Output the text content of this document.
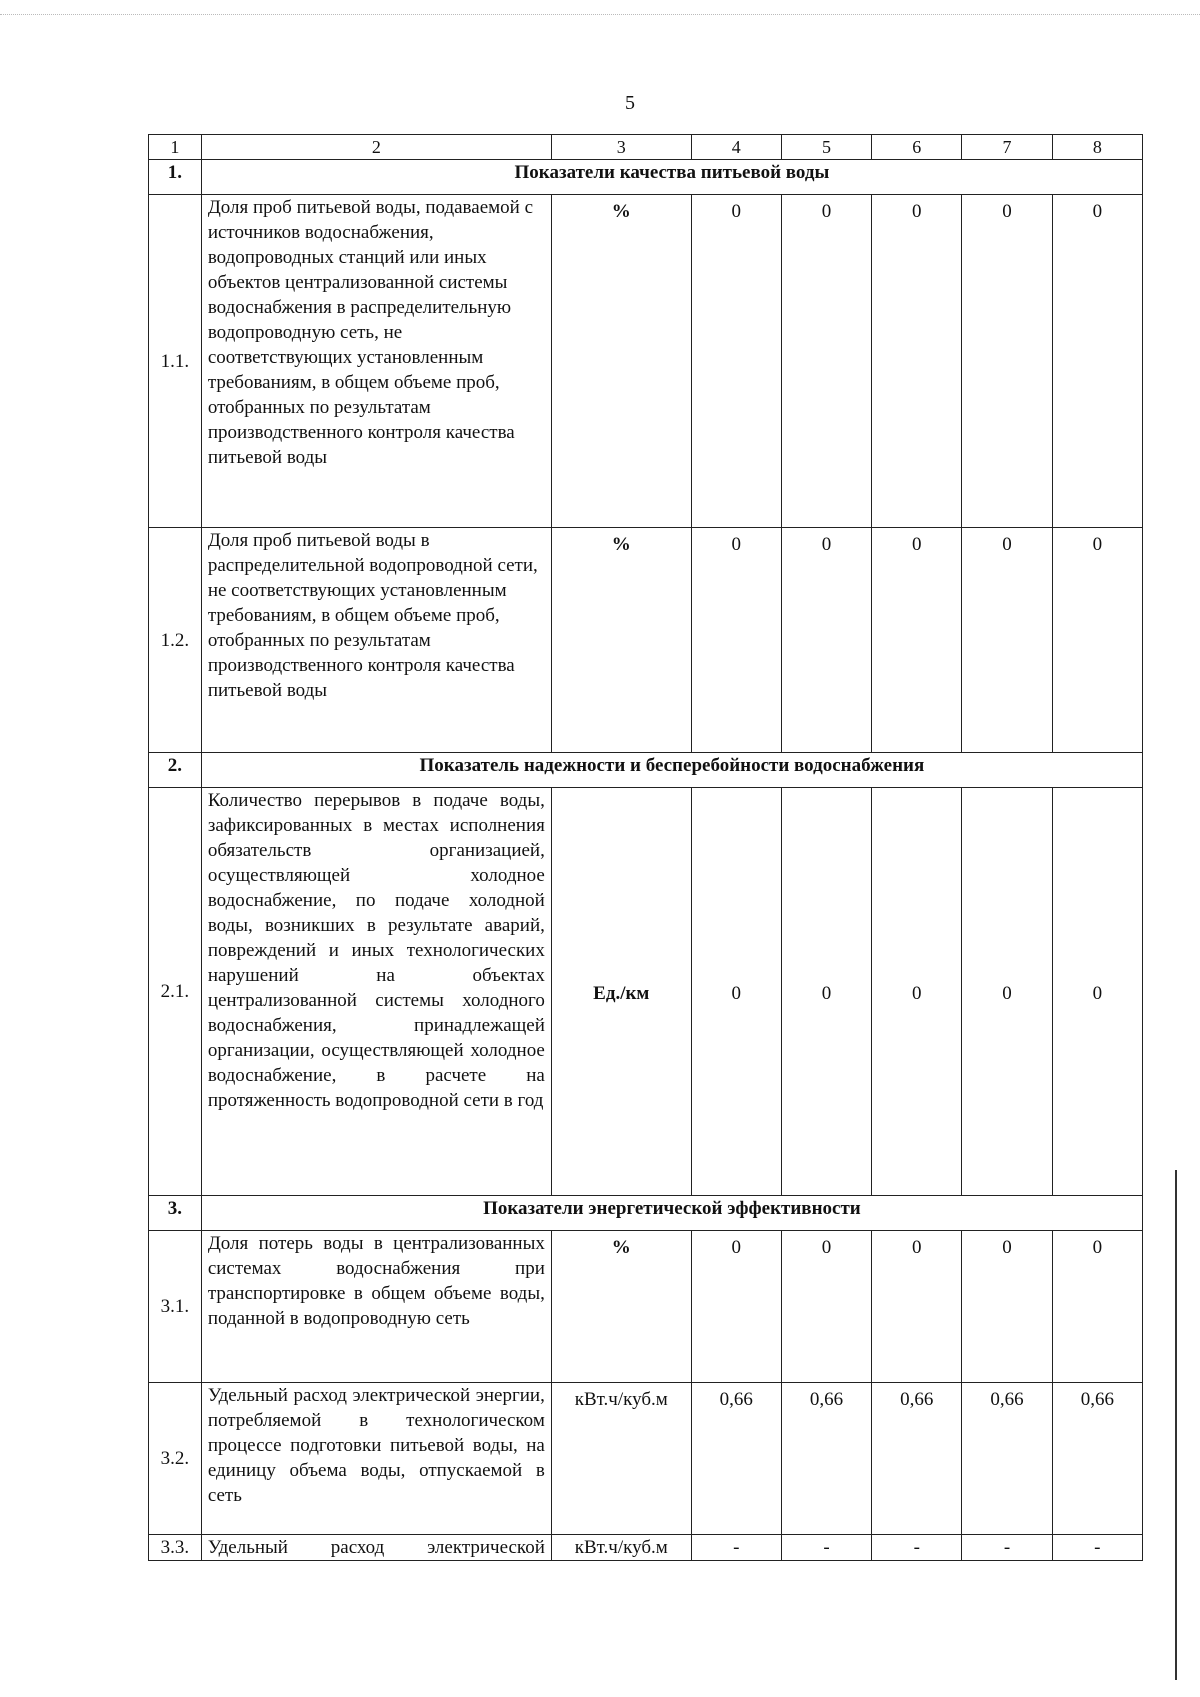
5
1	2	3	4	5	6	7	8
1.	Показатели качества питьевой воды						
1.1.	Доля проб питьевой воды, подаваемой с источников водоснабжения, водопроводных станций или иных объектов централизованной системы водоснабжения в распределительную водопроводную сеть, не соответствующих установленным требованиям, в общем объеме проб, отобранных по результатам производственного контроля качества питьевой воды	%	0	0	0	0	0
1.2.	Доля проб питьевой воды в распределительной водопроводной сети, не соответствующих установленным требованиям, в общем объеме проб, отобранных по результатам производственного контроля качества питьевой воды	%	0	0	0	0	0
2.	Показатель надежности и бесперебойности водоснабжения						
2.1.	Количество перерывов в подаче воды, зафиксированных в местах исполнения обязательств организацией, осуществляющей холодное водоснабжение, по подаче холодной воды, возникших в результате аварий, повреждений и иных технологических нарушений на объектах централизованной системы холодного водоснабжения, принадлежащей организации, осуществляющей холодное водоснабжение, в расчете на протяженность водопроводной сети в год	Ед./км	0	0	0	0	0
3.	Показатели энергетической эффективности						
3.1.	Доля потерь воды в централизованных системах водоснабжения при транспортировке в общем объеме воды, поданной в водопроводную сеть	%	0	0	0	0	0
3.2.	Удельный расход электрической энергии, потребляемой в технологическом процессе подготовки питьевой воды, на единицу объема воды, отпускаемой в сеть	кВт.ч/куб.м	0,66	0,66	0,66	0,66	0,66
3.3.	Удельный расход электрической	кВт.ч/куб.м	-	-	-	-	-
